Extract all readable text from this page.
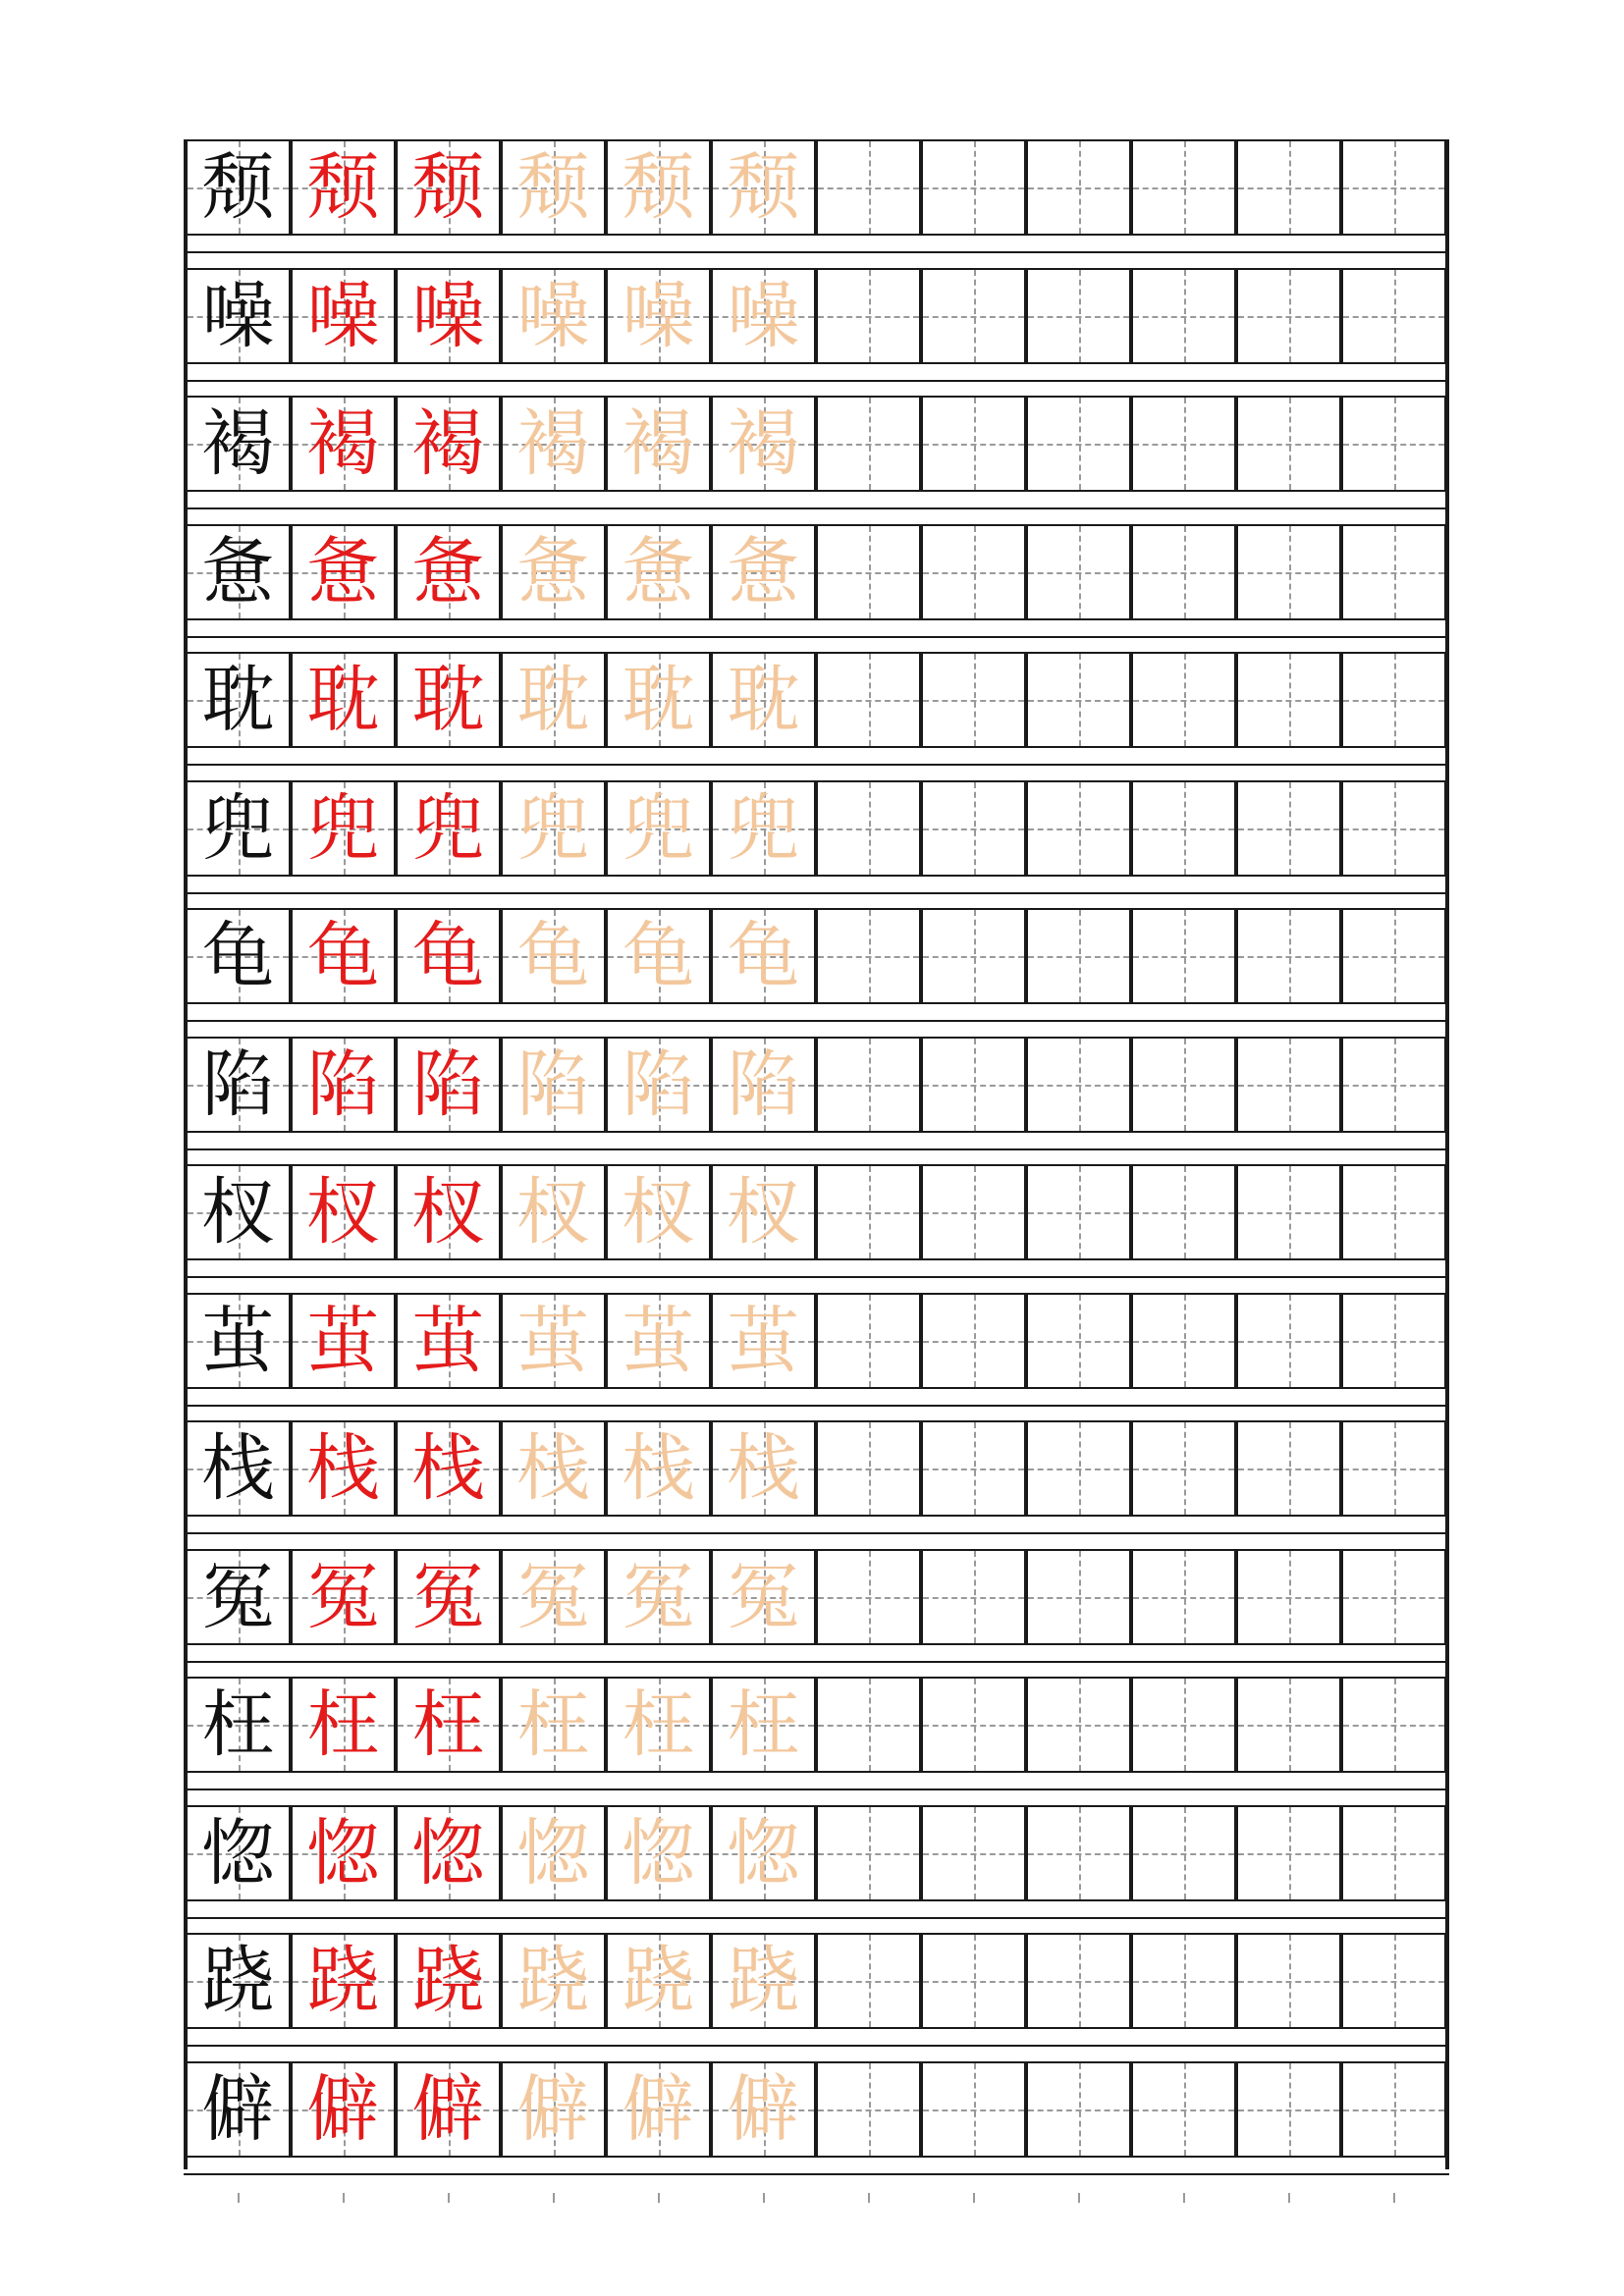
颓 颓 颓 颓 颓 颓
噪 噪 噪 噪 噪 噪
褐 褐 褐 褐 褐 褐
惫 惫 惫 惫 惫 惫
耽 耽 耽 耽 耽 耽
兜 兜 兜 兜 兜 兜
龟 龟 龟 龟 龟 龟
陷 陷 陷 陷 陷 陷
杈 杈 杈 杈 杈 杈
茧 茧 茧 茧 茧 茧
栈 栈 栈 栈 栈 栈
冤 冤 冤 冤 冤 冤
枉 枉 枉 枉 枉 枉
惚 惚 惚 惚 惚 惚
跷 跷 跷 跷 跷 跷
僻 僻 僻 僻 僻 僻
